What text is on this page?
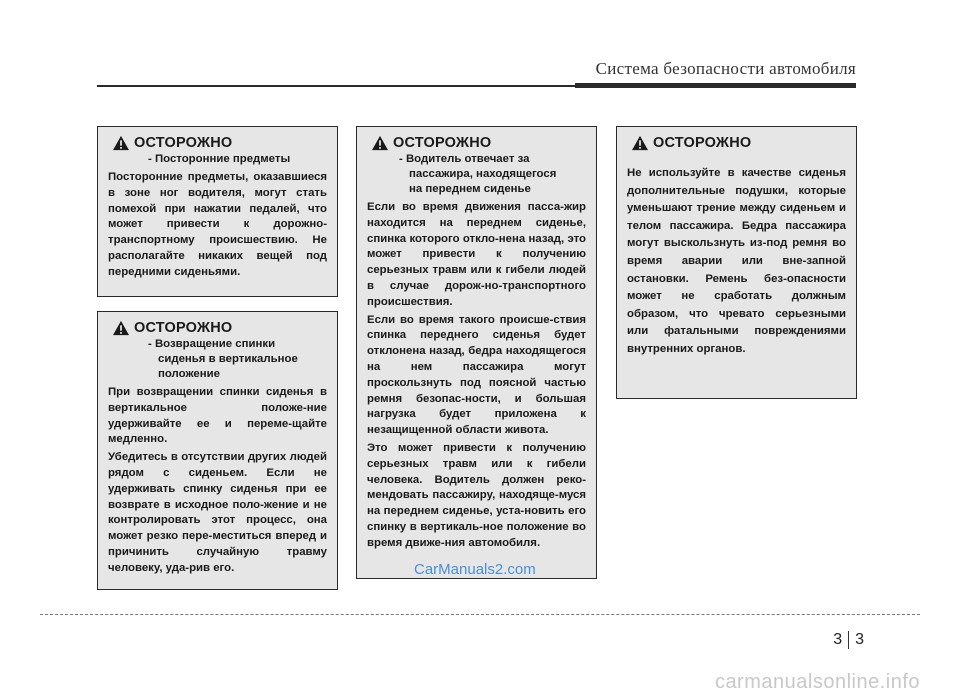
Система безопасности автомобиля
ОСТОРОЖНО
- Посторонние предметы

Посторонние предметы, оказавшиеся в зоне ног водителя, могут стать помехой при нажатии педалей, что может привести к дорожно-транспортному происшествию. Не располагайте никаких вещей под передними сиденьями.

ОСТОРОЖНО
- Возвращение спинки
сиденья в вертикальное
положение

При возвращении спинки сиденья в вертикальное положе-ние удерживайте ее и переме-щайте медленно.

Убедитесь в отсутствии других людей рядом с сиденьем. Если не удерживать спинку сиденья при ее возврате в исходное поло-жение и не контролировать этот процесс, она может резко пере-меститься вперед и причинить случайную травму человеку, уда-рив его.

ОСТОРОЖНО
- Водитель отвечает за
пассажира, находящегося
на переднем сиденье

Если во время движения пасса-жир находится на переднем сиденье, спинка которого откло-нена назад, это может привести к получению серьезных травм или к гибели людей в случае дорож-но-транспортного происшествия.

Если во время такого происше-ствия спинка переднего сиденья будет отклонена назад, бедра находящегося на нем пассажира могут проскользнуть под поясной частью ремня безопас-ности, и большая нагрузка будет приложена к незащищенной области живота.

Это может привести к получению серьезных травм или к гибели человека. Водитель должен реко-мендовать пассажиру, находяще-муся на переднем сиденье, уста-новить его спинку в вертикаль-ное положение во время движе-ния автомобиля.

ОСТОРОЖНО

Не используйте в качестве сиденья дополнительные подушки, которые уменьшают трение между сиденьем и телом пассажира. Бедра пассажира могут выскользнуть из-под ремня во время аварии или вне-запной остановки. Ремень без-опасности может не сработать должным образом, что чревато серьезными или фатальными повреждениями внутренних органов.

CarManuals2.com
3 3
carmanualsonline.info
